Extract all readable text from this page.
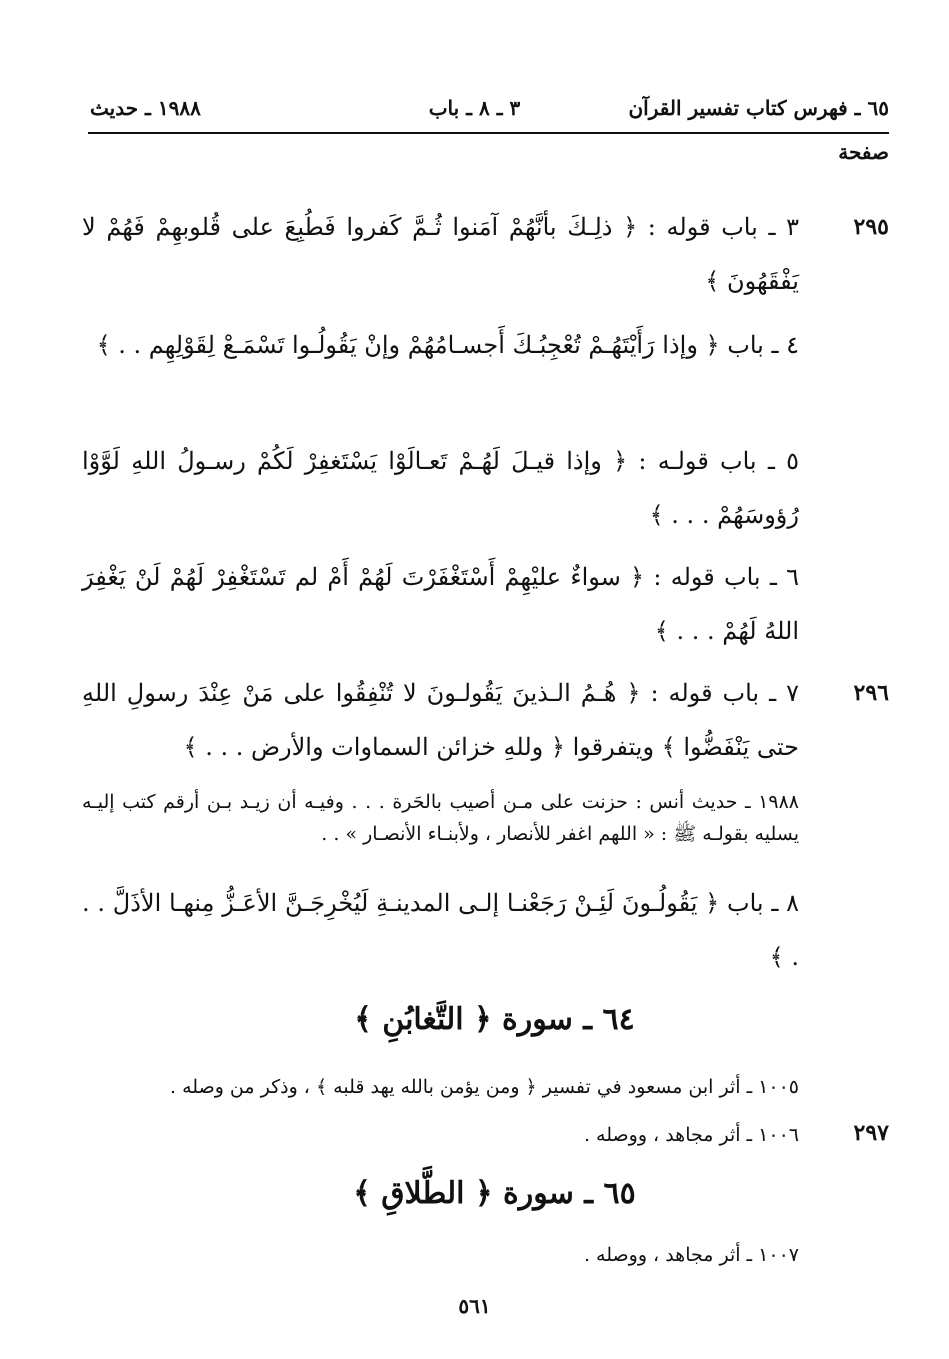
٦٥ ـ فهرس كتاب تفسير القرآن
٣ ـ ٨ ـ باب
١٩٨٨ ـ حديث
صفحة
٢٩٥
٣ ـ باب قوله : ﴿ ذلِـكَ بأنَّهُمْ آمَنوا ثُـمَّ كَفروا فَطُبِعَ على قُلوبهِمْ فَهُمْ لا يَفْقَهُونَ ﴾
٤ ـ باب ﴿ وإذا رَأَيْتَهُـمْ تُعْجِبُـكَ أَجسـامُهُمْ وإنْ يَقُولُـوا تَسْمَـعْ لِقَوْلِهِم . . ﴾
٥ ـ باب قولـه : ﴿ وإذا قيـلَ لَهُـمْ تَعـالَوْا يَسْتَغفِرْ لَكُمْ رسـولُ اللهِ لَوَّوْا رُؤوسَهُمْ . . . ﴾
٦ ـ باب قوله : ﴿ سواءٌ عليْهِمْ أَسْتَغْفَرْتَ لَهُمْ أَمْ لم تَسْتَغْفِرْ لَهُمْ لَنْ يَغْفِرَ اللهُ لَهُمْ . . . ﴾
٢٩٦
٧ ـ باب قوله : ﴿ هُـمُ الـذينَ يَقُولـونَ لا تُنْفِقُوا على مَنْ عِنْدَ رسولِ اللهِ حتى يَنْفَضُّوا ﴾ ويتفرقوا ﴿ وللهِ خزائن السماوات والأرض . . . ﴾
١٩٨٨ ـ حديث أنس : حزنت على مـن أصيب بالحَرة . . . وفيـه أن زيـد بـن أرقم كتب إليـه يسليه بقولـه ﷺ : « اللهم اغفر للأنصار ، ولأبنـاء الأنصـار » . .
٨ ـ باب ﴿ يَقُولُـونَ لَئِـنْ رَجَعْنـا إلـى المدينـةِ لَيُخْرِجَـنَّ الأعَـزُّ مِنهـا الأذَلَّ . . . ﴾
٦٤ ـ سورة ﴿ التَّغابُنِ ﴾
١٠٠٥ ـ أثر ابن مسعود في تفسير ﴿ ومن يؤمن بالله يهد قلبه ﴾ ، وذكر من وصله .
٢٩٧
١٠٠٦ ـ أثر مجاهد ، ووصله .
٦٥ ـ سورة ﴿ الطَّلاقِ ﴾
١٠٠٧ ـ أثر مجاهد ، ووصله .
٥٦١
